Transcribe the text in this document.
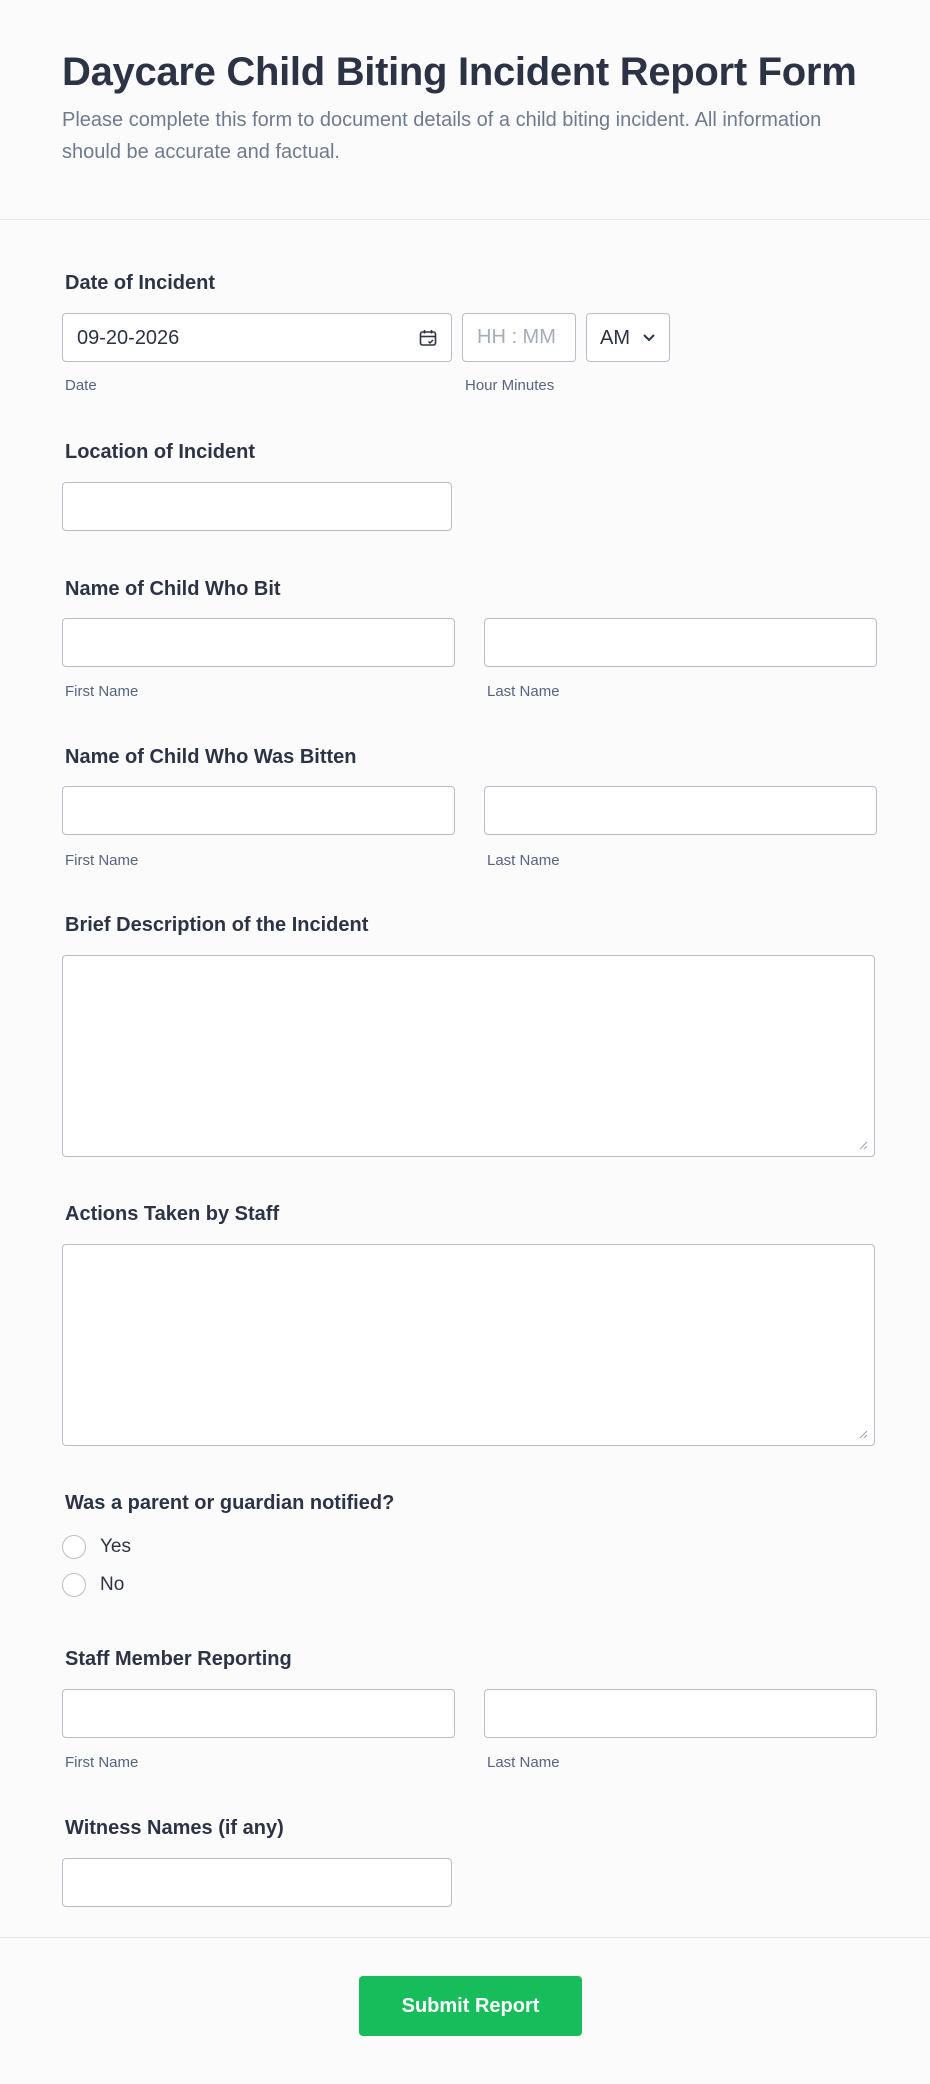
Daycare Child Biting Incident Report Form

Please complete this form to document details of a child biting incident. All information should be accurate and factual.

Date of Incident
09-20-2026
HH : MM	AM
Date	Hour Minutes
Location of Incident
Name of Child Who Bit
First Name	Last Name
Name of Child Who Was Bitten
First Name	Last Name
Brief Description of the Incident
Actions Taken by Staff
Was a parent or guardian notified?
Yes
No
Staff Member Reporting
First Name	Last Name
Witness Names (if any)
Submit Report
